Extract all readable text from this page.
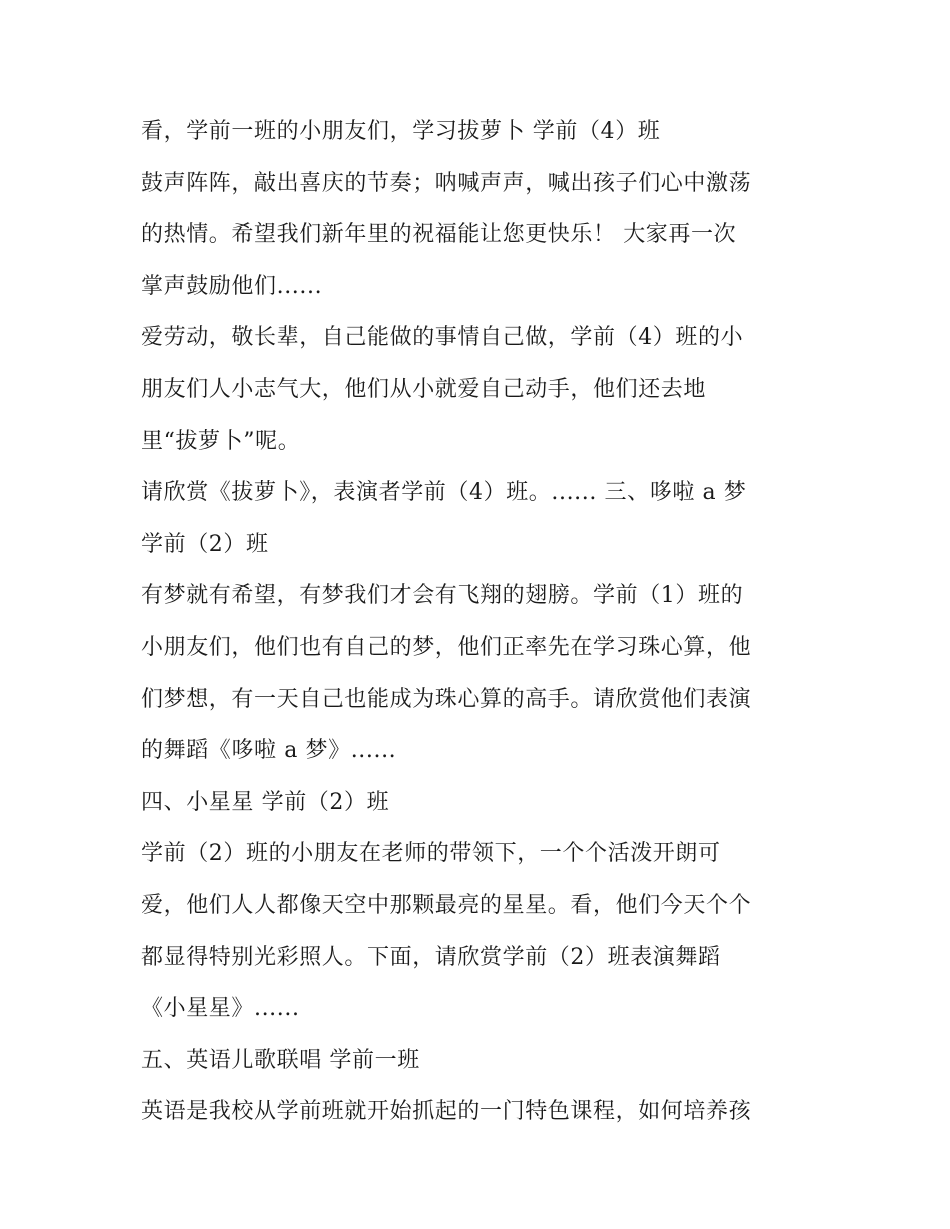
看，学前一班的小朋友们，学习拔萝卜 学前（4）班
鼓声阵阵，敲出喜庆的节奏；呐喊声声，喊出孩子们心中激荡
的热情。希望我们新年里的祝福能让您更快乐！ 大家再一次
掌声鼓励他们......
爱劳动，敬长辈，自己能做的事情自己做，学前（4）班的小
朋友们人小志气大，他们从小就爱自己动手，他们还去地
里“拔萝卜”呢。
请欣赏《拔萝卜》，表演者学前（4）班。...... 三、哆啦 a 梦
学前（2）班
有梦就有希望，有梦我们才会有飞翔的翅膀。学前（1）班的
小朋友们，他们也有自己的梦，他们正率先在学习珠心算，他
们梦想，有一天自己也能成为珠心算的高手。请欣赏他们表演
的舞蹈《哆啦 a 梦》......
四、小星星 学前（2）班
学前（2）班的小朋友在老师的带领下，一个个活泼开朗可
爱，他们人人都像天空中那颗最亮的星星。看，他们今天个个
都显得特别光彩照人。下面，请欣赏学前（2）班表演舞蹈
《小星星》......
五、英语儿歌联唱 学前一班
英语是我校从学前班就开始抓起的一门特色课程，如何培养孩
